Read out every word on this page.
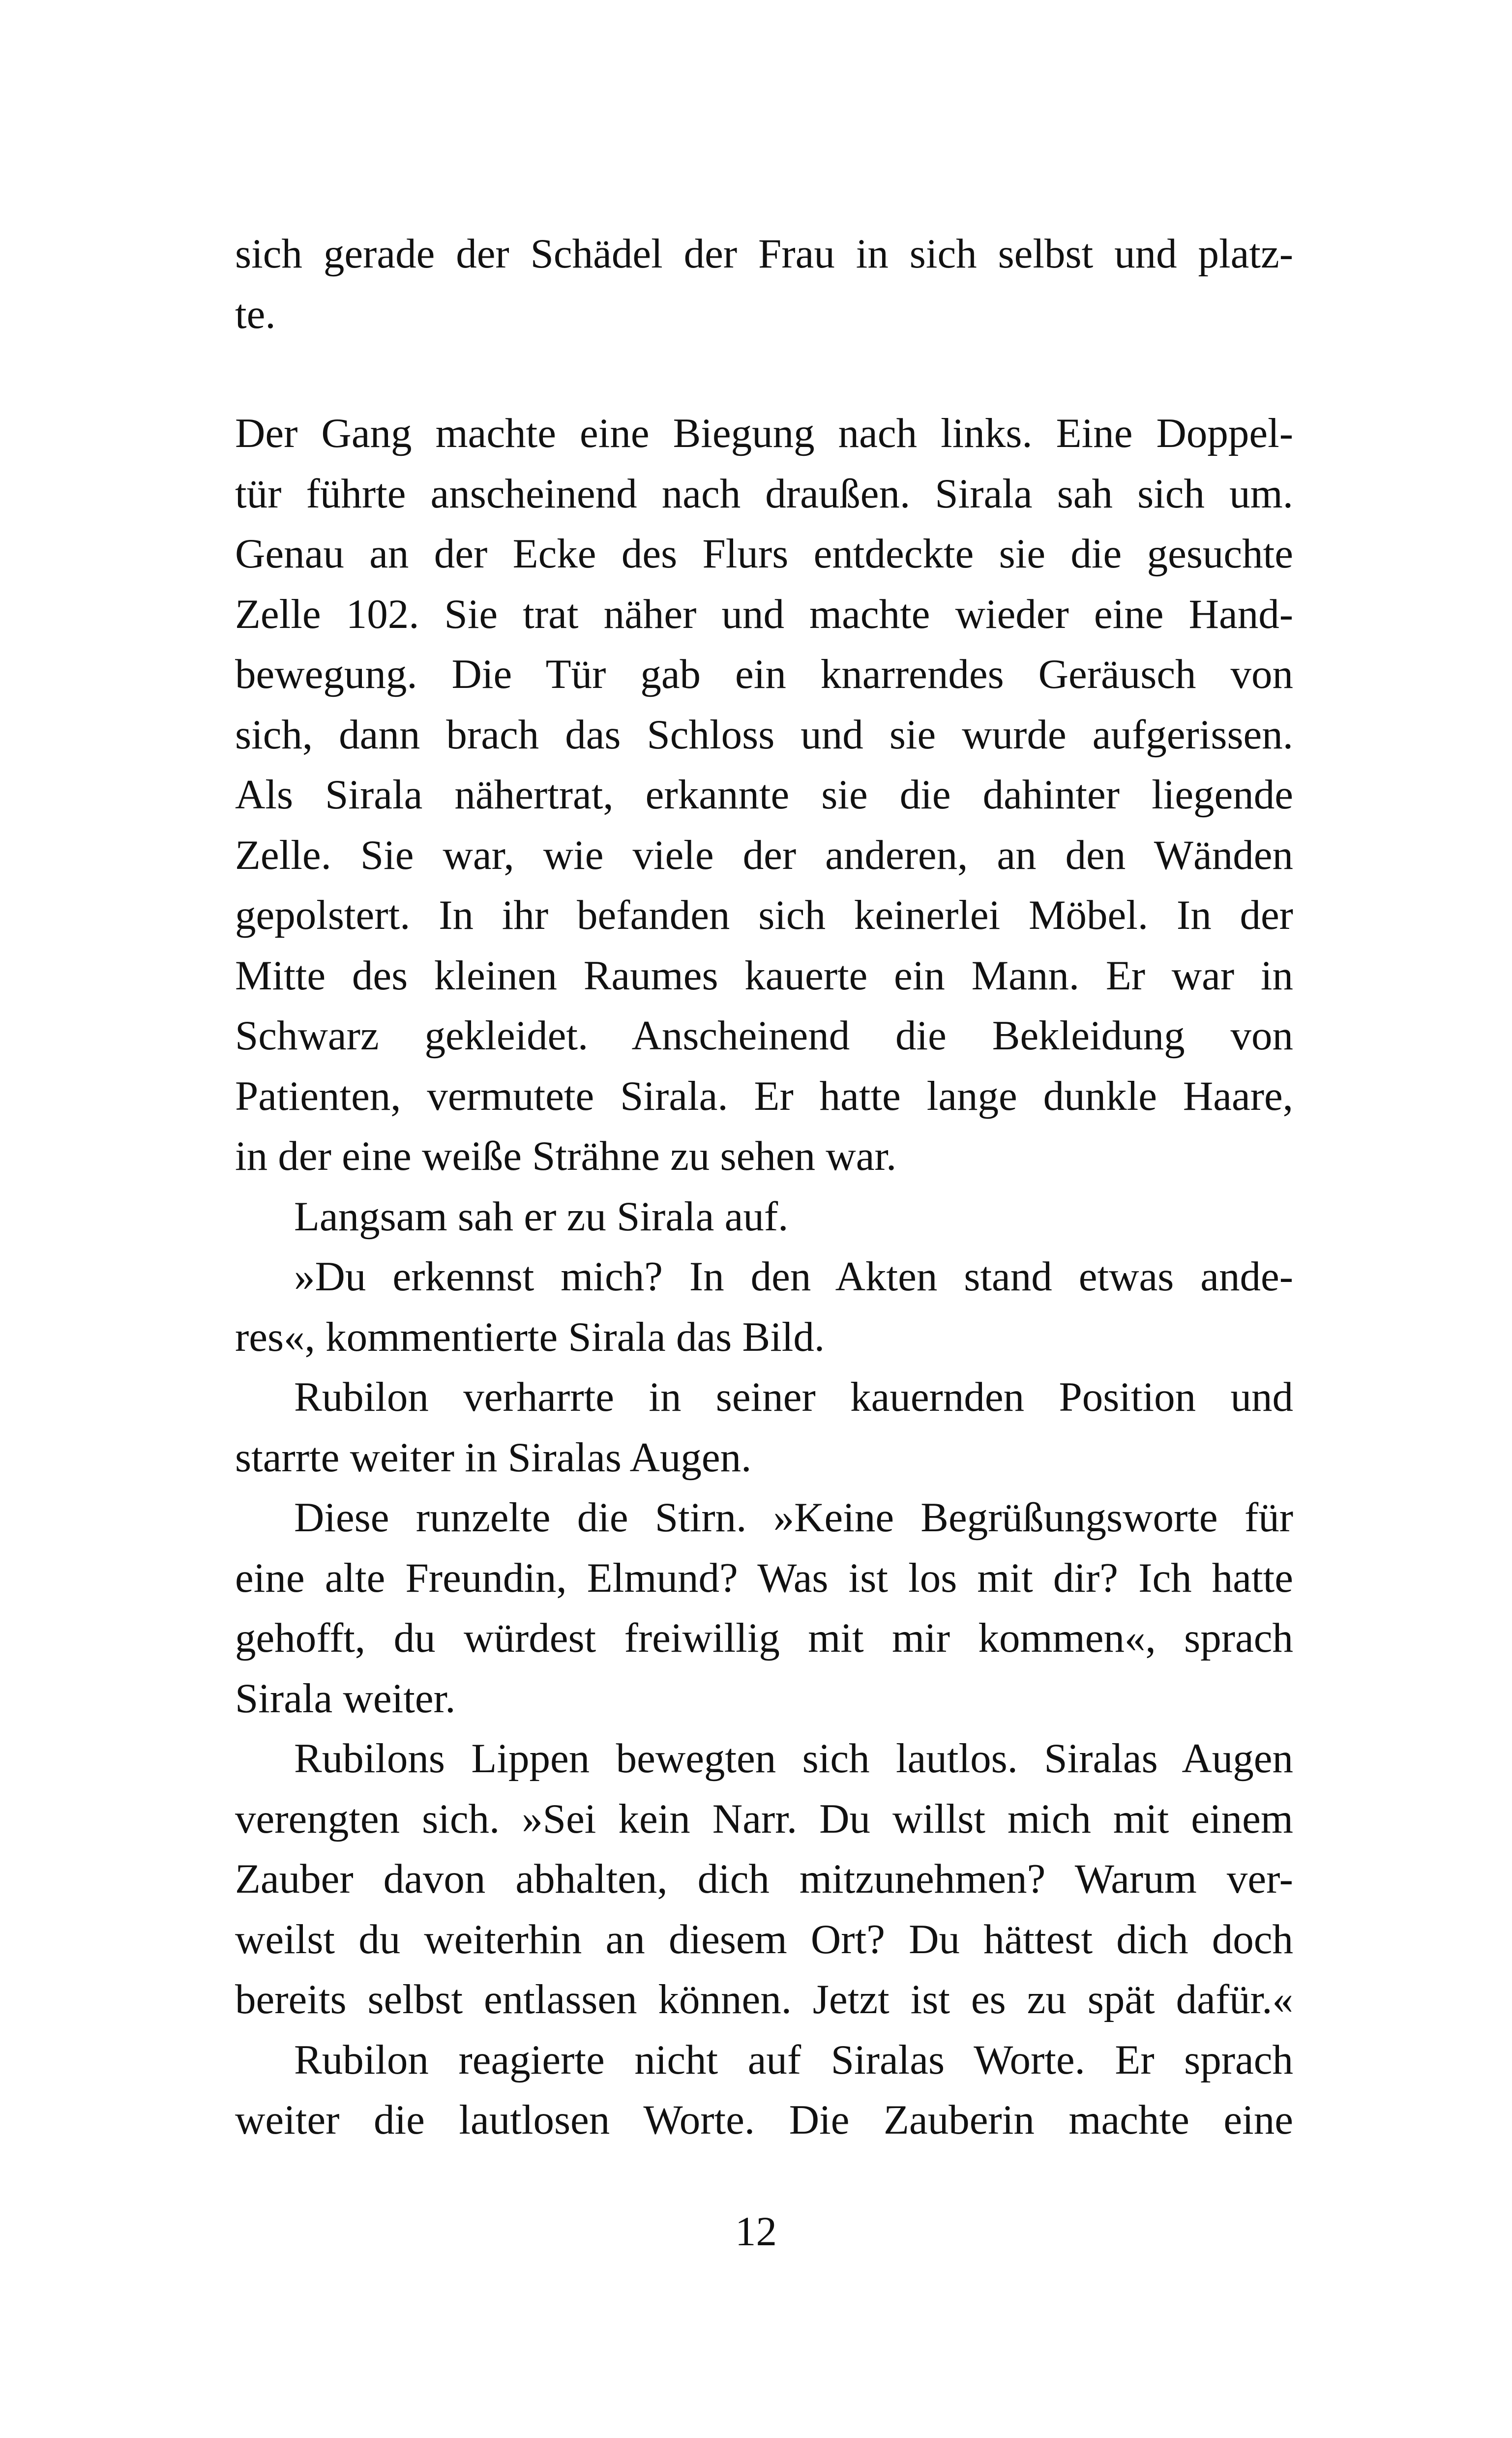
sich gerade der Schädel der Frau in sich selbst und platz-
te.
Der Gang machte eine Biegung nach links. Eine Doppel-
tür führte anscheinend nach draußen. Sirala sah sich um.
Genau an der Ecke des Flurs entdeckte sie die gesuchte
Zelle 102. Sie trat näher und machte wieder eine Hand-
bewegung. Die Tür gab ein knarrendes Geräusch von
sich, dann brach das Schloss und sie wurde aufgerissen.
Als Sirala nähertrat, erkannte sie die dahinter liegende
Zelle. Sie war, wie viele der anderen, an den Wänden
gepolstert. In ihr befanden sich keinerlei Möbel. In der
Mitte des kleinen Raumes kauerte ein Mann. Er war in
Schwarz gekleidet. Anscheinend die Bekleidung von
Patienten, vermutete Sirala. Er hatte lange dunkle Haare,
in der eine weiße Strähne zu sehen war.
Langsam sah er zu Sirala auf.
»Du erkennst mich? In den Akten stand etwas ande-
res«, kommentierte Sirala das Bild.
Rubilon verharrte in seiner kauernden Position und
starrte weiter in Siralas Augen.
Diese runzelte die Stirn. »Keine Begrüßungsworte für
eine alte Freundin, Elmund? Was ist los mit dir? Ich hatte
gehofft, du würdest freiwillig mit mir kommen«, sprach
Sirala weiter.
Rubilons Lippen bewegten sich lautlos. Siralas Augen
verengten sich. »Sei kein Narr. Du willst mich mit einem
Zauber davon abhalten, dich mitzunehmen? Warum ver-
weilst du weiterhin an diesem Ort? Du hättest dich doch
bereits selbst entlassen können. Jetzt ist es zu spät dafür.«
Rubilon reagierte nicht auf Siralas Worte. Er sprach
weiter die lautlosen Worte. Die Zauberin machte eine
12
